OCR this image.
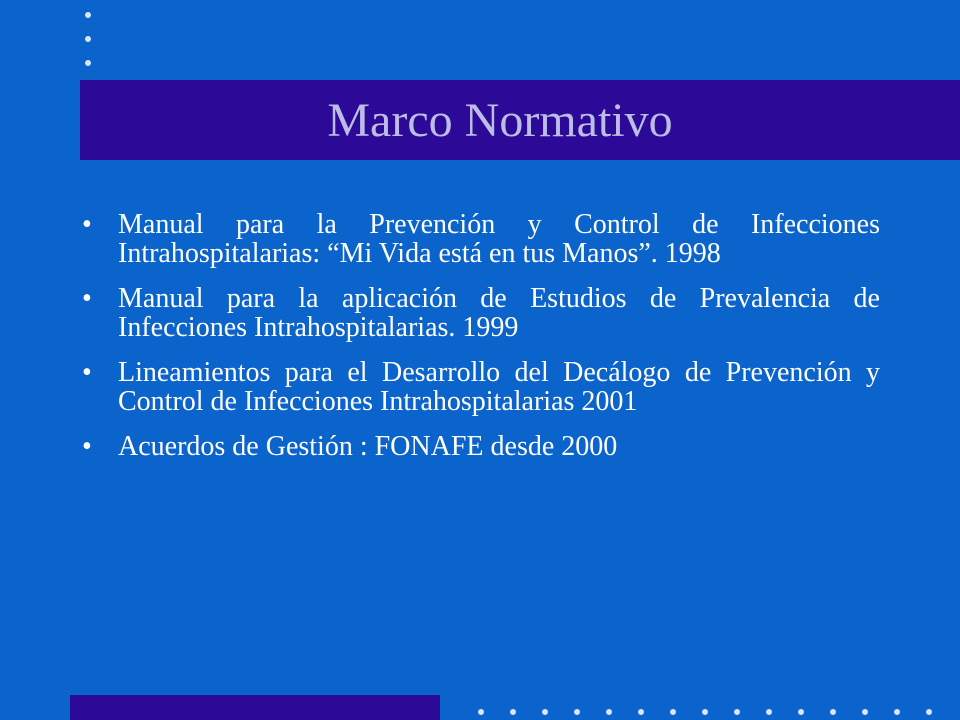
Marco Normativo
• Manual para la Prevención y Control de Infecciones Intrahospitalarias: “Mi Vida está en tus Manos”. 1998
• Manual para la aplicación de Estudios de Prevalencia de Infecciones Intrahospitalarias. 1999
• Lineamientos para el Desarrollo del Decálogo de Prevención y Control de Infecciones Intrahospitalarias 2001
• Acuerdos de Gestión : FONAFE desde 2000
